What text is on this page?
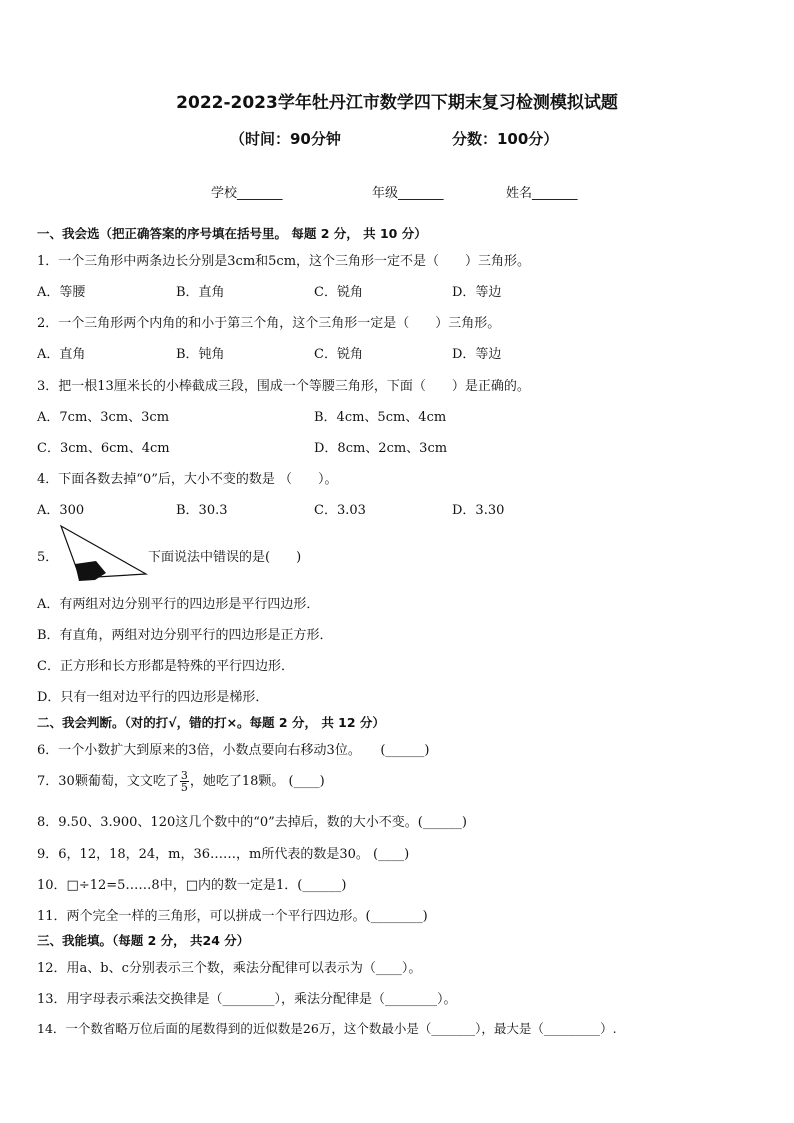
2022-2023学年牡丹江市数学四下期末复习检测模拟试题
（时间：90分钟	分数：100分）
学校_______	年级_______	姓名_______
一、我会选（把正确答案的序号填在括号里。 每题 2 分， 共 10 分）
1．一个三角形中两条边长分别是3cm和5cm，这个三角形一定不是（　　）三角形。
A．等腰	B．直角	C．锐角	D．等边
2．一个三角形两个内角的和小于第三个角，这个三角形一定是（　　）三角形。
A．直角	B．钝角	C．锐角	D．等边
3．把一根13厘米长的小棒截成三段，围成一个等腰三角形，下面（　　）是正确的。
A．7cm、3cm、3cm	B．4cm、5cm、4cm
C．3cm、6cm、4cm	D．8cm、2cm、3cm
4．下面各数去掉“0”后，大小不变的数是 （　　）。
A．300	B．30.3	C．3.03	D．3.30
5．	下面说法中错误的是(　　)
A．有两组对边分别平行的四边形是平行四边形．
B．有直角，两组对边分别平行的四边形是正方形．
C．正方形和长方形都是特殊的平行四边形．
D．只有一组对边平行的四边形是梯形．
二、我会判断。（对的打√，错的打×。每题 2 分， 共 12 分）
6．一个小数扩大到原来的3倍，小数点要向右移动3位。　　(______)
7．30颗葡萄，文文吃了 $\frac{3}{5}$ ，她吃了18颗。 (____)
8．9.50、3.900、120这几个数中的“0”去掉后，数的大小不变。(______)
9．6，12，18，24，m，36……，m所代表的数是30。 (____)
10．□÷12=5……8中，□内的数一定是1．(______)
11．两个完全一样的三角形，可以拼成一个平行四边形。(________)
三、我能填。（每题 2 分， 共24 分）
12．用a、b、c分别表示三个数，乘法分配律可以表示为（____）。
13．用字母表示乘法交换律是（________），乘法分配律是（________）。
14．一个数省略万位后面的尾数得到的近似数是26万，这个数最小是（_______），最大是（_________）.
